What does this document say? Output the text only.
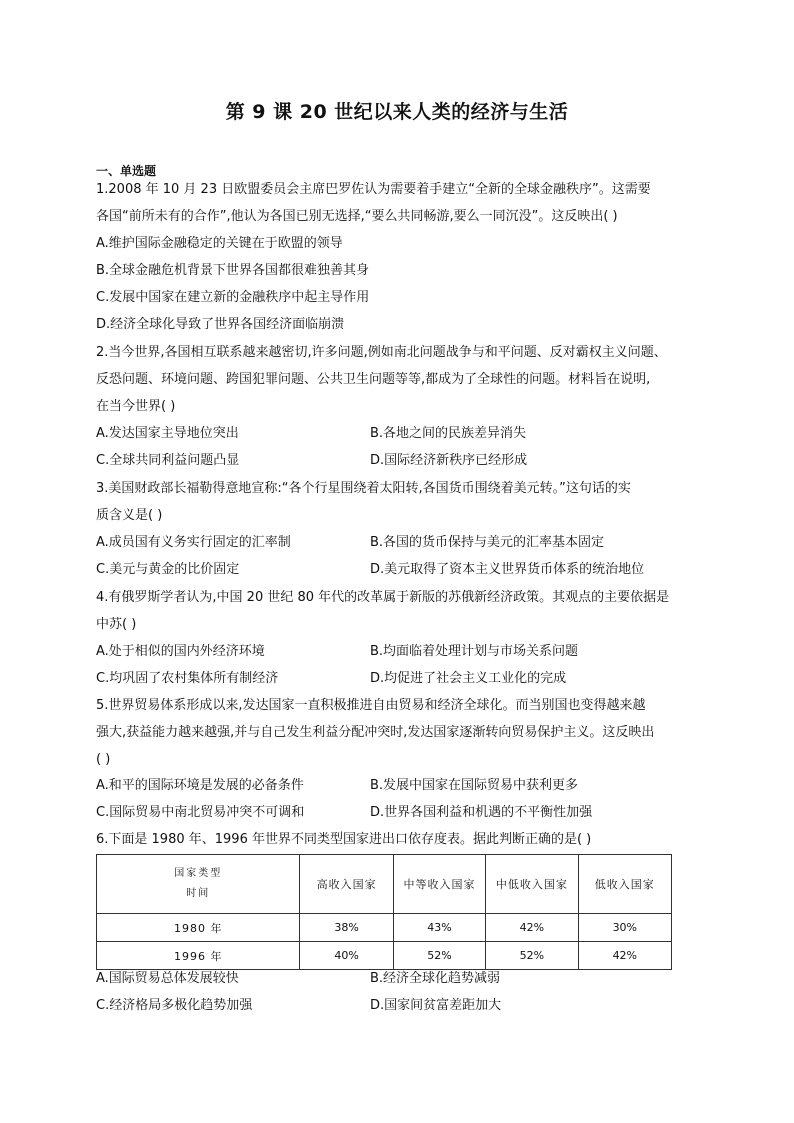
第 9 课 20 世纪以来人类的经济与生活
一、单选题
1.2008 年 10 月 23 日欧盟委员会主席巴罗佐认为需要着手建立“全新的全球金融秩序”。这需要
各国“前所未有的合作”,他认为各国已别无选择,“要么共同畅游,要么一同沉没”。这反映出( )
A.维护国际金融稳定的关键在于欧盟的领导
B.全球金融危机背景下世界各国都很难独善其身
C.发展中国家在建立新的金融秩序中起主导作用
D.经济全球化导致了世界各国经济面临崩溃
2.当今世界,各国相互联系越来越密切,许多问题,例如南北问题战争与和平问题、反对霸权主义问题、
反恐问题、环境问题、跨国犯罪问题、公共卫生问题等等,都成为了全球性的问题。材料旨在说明,
在当今世界( )
A.发达国家主导地位突出	B.各地之间的民族差异消失
C.全球共同利益问题凸显	D.国际经济新秩序已经形成
3.美国财政部长福勒得意地宣称:“各个行星围绕着太阳转,各国货币围绕着美元转。”这句话的实
质含义是( )
A.成员国有义务实行固定的汇率制	B.各国的货币保持与美元的汇率基本固定
C.美元与黄金的比价固定	D.美元取得了资本主义世界货币体系的统治地位
4.有俄罗斯学者认为,中国 20 世纪 80 年代的改革属于新版的苏俄新经济政策。其观点的主要依据是
中苏( )
A.处于相似的国内外经济环境	B.均面临着处理计划与市场关系问题
C.均巩固了农村集体所有制经济	D.均促进了社会主义工业化的完成
5.世界贸易体系形成以来,发达国家一直积极推进自由贸易和经济全球化。而当别国也变得越来越
强大,获益能力越来越强,并与自己发生利益分配冲突时,发达国家逐渐转向贸易保护主义。这反映出
( )
A.和平的国际环境是发展的必备条件	B.发展中国家在国际贸易中获利更多
C.国际贸易中南北贸易冲突不可调和	D.世界各国利益和机遇的不平衡性加强
6.下面是 1980 年、1996 年世界不同类型国家进出口依存度表。据此判断正确的是( )
国家类型
时间	高收入国家	中等收入国家	中低收入国家	低收入国家
1980 年	38%	43%	42%	30%
1996 年	40%	52%	52%	42%
A.国际贸易总体发展较快	B.经济全球化趋势减弱
C.经济格局多极化趋势加强	D.国家间贫富差距加大
